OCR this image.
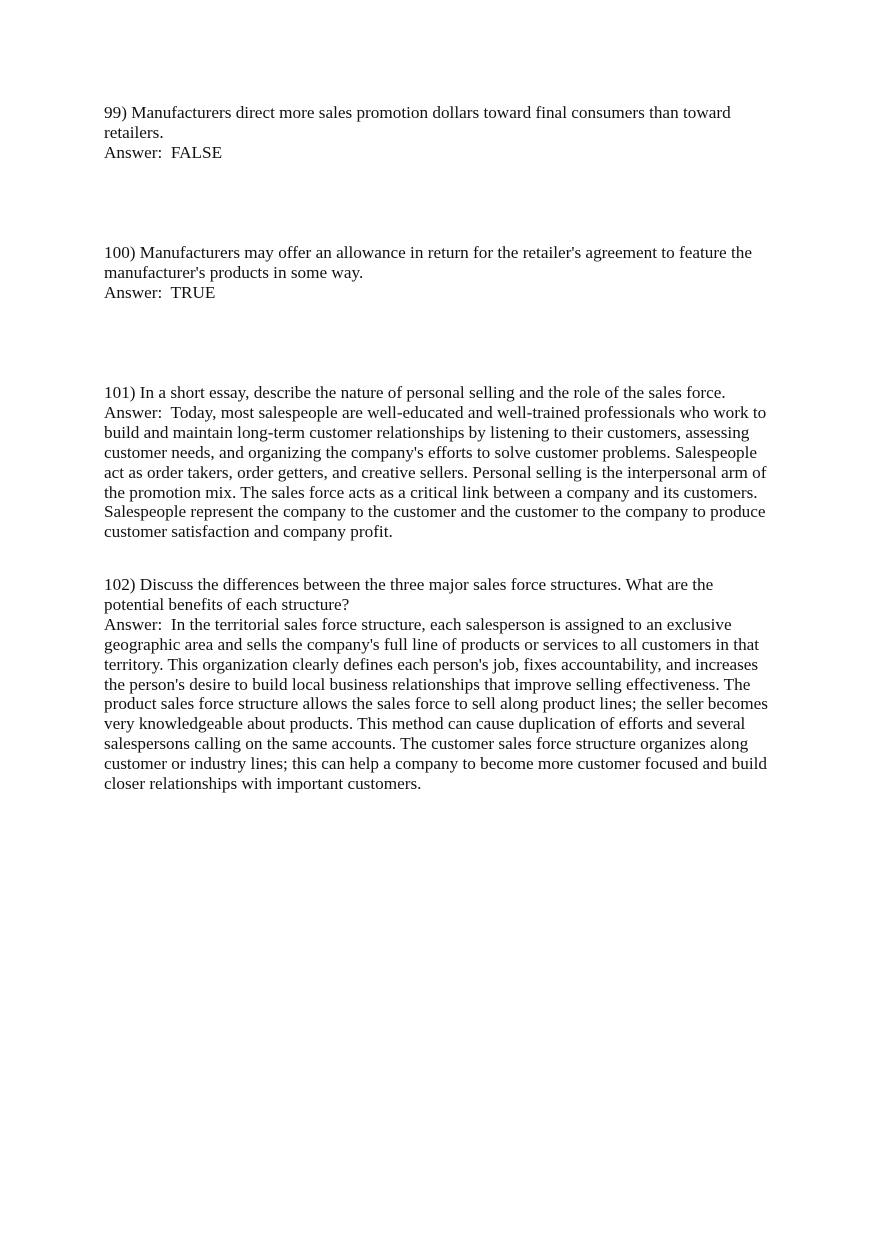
99) Manufacturers direct more sales promotion dollars toward final consumers than toward retailers.

Answer:  FALSE

100) Manufacturers may offer an allowance in return for the retailer's agreement to feature the manufacturer's products in some way.

Answer:  TRUE

101) In a short essay, describe the nature of personal selling and the role of the sales force.

Answer:  Today, most salespeople are well-educated and well-trained professionals who work to build and maintain long-term customer relationships by listening to their customers, assessing customer needs, and organizing the company's efforts to solve customer problems. Salespeople act as order takers, order getters, and creative sellers. Personal selling is the interpersonal arm of the promotion mix. The sales force acts as a critical link between a company and its customers. Salespeople represent the company to the customer and the customer to the company to produce customer satisfaction and company profit.

102) Discuss the differences between the three major sales force structures. What are the potential benefits of each structure?

Answer:  In the territorial sales force structure, each salesperson is assigned to an exclusive geographic area and sells the company's full line of products or services to all customers in that territory. This organization clearly defines each person's job, fixes accountability, and increases the person's desire to build local business relationships that improve selling effectiveness. The product sales force structure allows the sales force to sell along product lines; the seller becomes very knowledgeable about products. This method can cause duplication of efforts and several salespersons calling on the same accounts. The customer sales force structure organizes along customer or industry lines; this can help a company to become more customer focused and build closer relationships with important customers.
